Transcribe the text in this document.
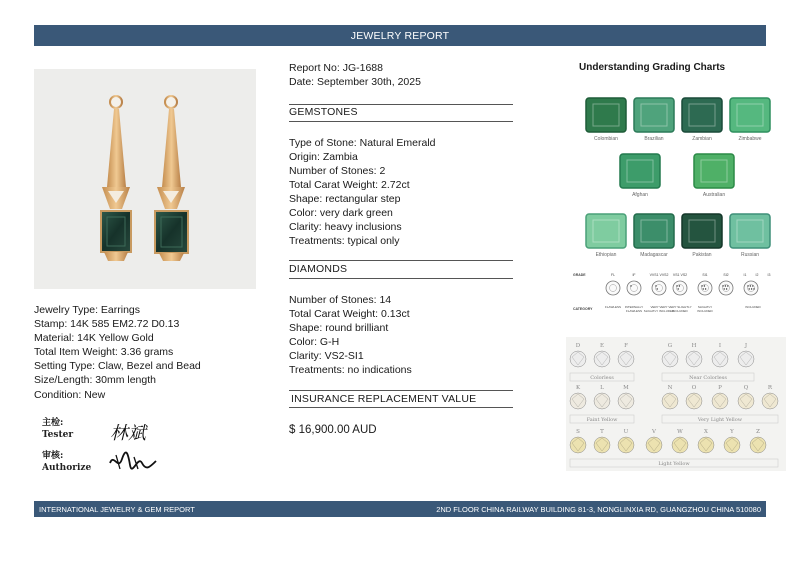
JEWELRY REPORT
Jewelry Type: Earrings
Stamp: 14K 585 EM2.72 D0.13
Material: 14K Yellow Gold
Total Item Weight: 3.36 grams
Setting Type: Claw, Bezel and Bead
Size/Length: 30mm length
Condition: New
主检:
Tester
审核:
Authorize
林斌
Report No: JG-1688
Date: September 30th, 2025
GEMSTONES
Type of Stone: Natural Emerald
Origin: Zambia
Number of Stones: 2
Total Carat Weight: 2.72ct
Shape: rectangular step
Color: very dark green
Clarity: heavy inclusions
Treatments: typical only
DIAMONDS
Number of Stones: 14
Total Carat Weight: 0.13ct
Shape: round brilliant
Color: G-H
Clarity: VS2-SI1
Treatments: no indications
INSURANCE REPLACEMENT VALUE
$ 16,900.00 AUD
Understanding Grading Charts
Colombian	Brazilian	Zambian	Zimbabwe
Afghan	Australian
Ethiopian	Madagascar	Pakistan	Russian
GRADE
CATEGORY
FL	IF	VVS1 VVS2 VS1 VS2	SI1	SI2	I1	I2	I3
FLAWLESS INTERNALLY FLAWLESS
VERY VERY SLIGHTLY INCLUDED
VERY SLIGHTLY INCLUDED
SLIGHTLY INCLUDED
INCLUDED
D	E	F	G	H	I	J
Colorless	Near Colorless
K	L	M	N	O	P	Q	R
Faint Yellow	Very Light Yellow
S	T	U	V	W	X	Y	Z
Light Yellow
INTERNATIONAL JEWELRY & GEM REPORT	2ND FLOOR CHINA RAILWAY BUILDING 81-3, NONGLINXIA RD, GUANGZHOU CHINA 510080
